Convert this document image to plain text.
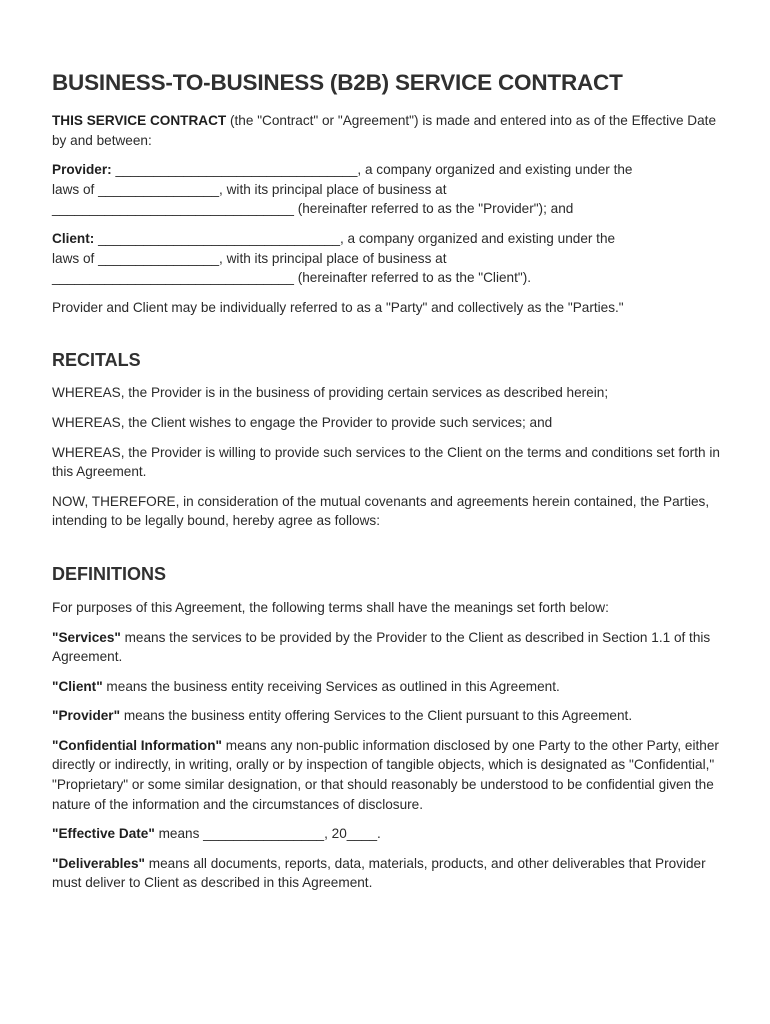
BUSINESS-TO-BUSINESS (B2B) SERVICE CONTRACT

THIS SERVICE CONTRACT (the "Contract" or "Agreement") is made and entered into as of the Effective Date by and between:

Provider: ________________________________, a company organized and existing under the
laws of ________________, with its principal place of business at
________________________________ (hereinafter referred to as the "Provider"); and

Client: ________________________________, a company organized and existing under the
laws of ________________, with its principal place of business at
________________________________ (hereinafter referred to as the "Client").

Provider and Client may be individually referred to as a "Party" and collectively as the "Parties."

RECITALS

WHEREAS, the Provider is in the business of providing certain services as described herein;

WHEREAS, the Client wishes to engage the Provider to provide such services; and

WHEREAS, the Provider is willing to provide such services to the Client on the terms and conditions set forth in this Agreement.

NOW, THEREFORE, in consideration of the mutual covenants and agreements herein contained, the Parties, intending to be legally bound, hereby agree as follows:

DEFINITIONS

For purposes of this Agreement, the following terms shall have the meanings set forth below:

"Services" means the services to be provided by the Provider to the Client as described in Section 1.1 of this Agreement.

"Client" means the business entity receiving Services as outlined in this Agreement.

"Provider" means the business entity offering Services to the Client pursuant to this Agreement.

"Confidential Information" means any non-public information disclosed by one Party to the other Party, either directly or indirectly, in writing, orally or by inspection of tangible objects, which is designated as "Confidential," "Proprietary" or some similar designation, or that should reasonably be understood to be confidential given the nature of the information and the circumstances of disclosure.

"Effective Date" means ________________, 20____.

"Deliverables" means all documents, reports, data, materials, products, and other deliverables that Provider must deliver to Client as described in this Agreement.
